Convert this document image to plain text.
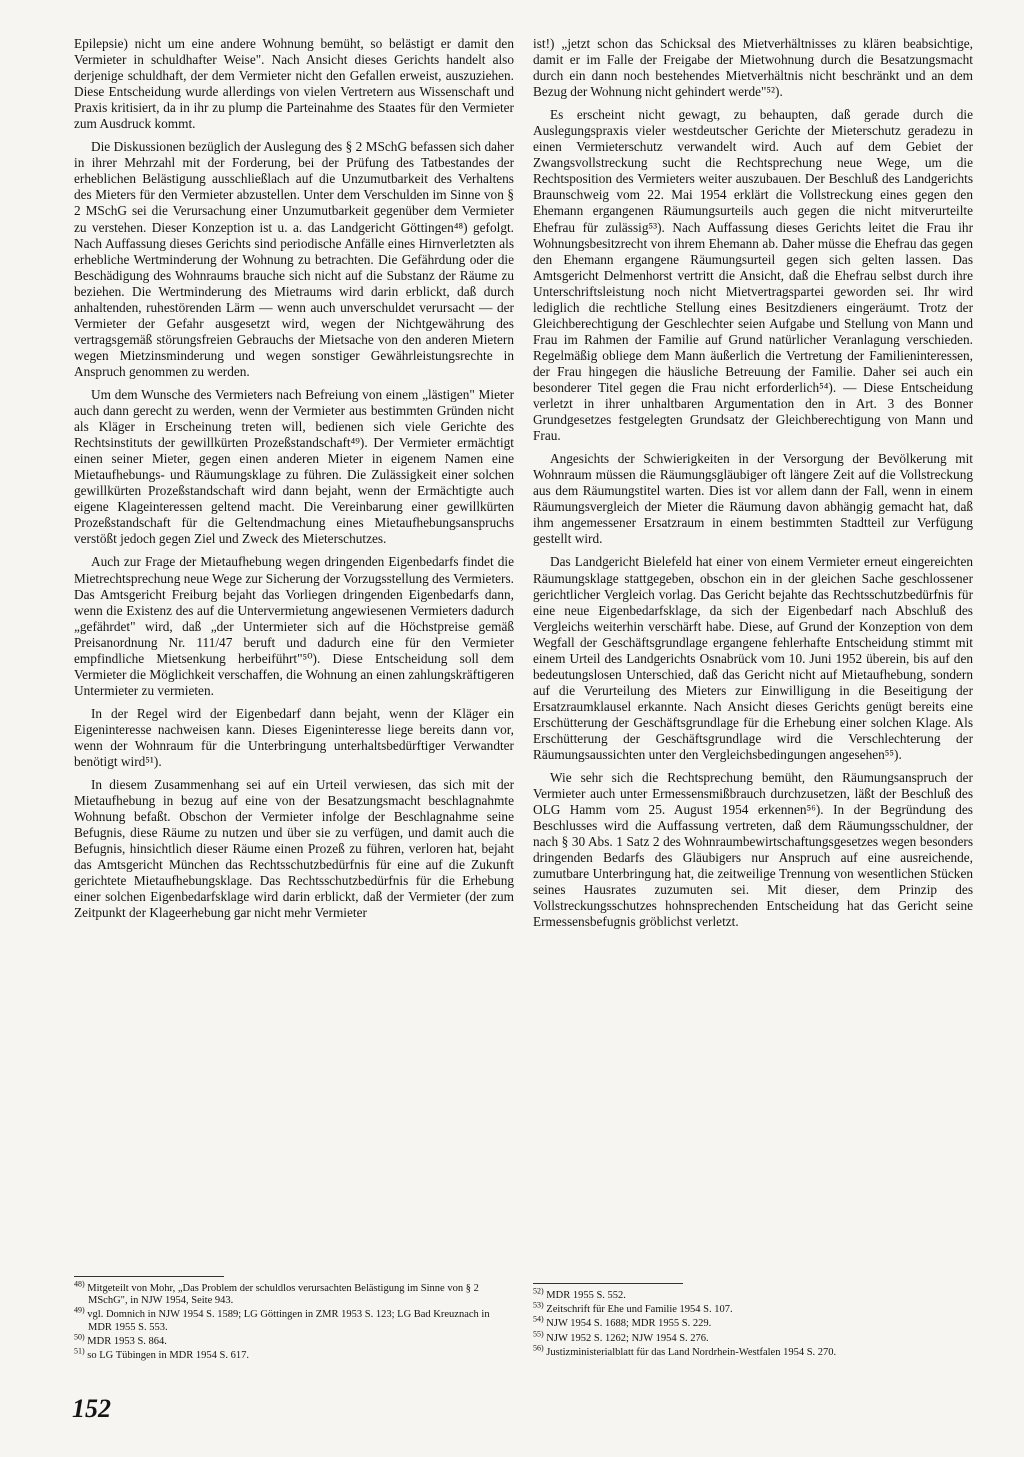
Epilepsie) nicht um eine andere Wohnung bemüht, so belästigt er damit den Vermieter in schuldhafter Weise". Nach Ansicht dieses Gerichts handelt also derjenige schuldhaft, der dem Vermieter nicht den Gefallen erweist, auszuziehen. Diese Entscheidung wurde allerdings von vielen Vertretern aus Wissenschaft und Praxis kritisiert, da in ihr zu plump die Parteinahme des Staates für den Vermieter zum Ausdruck kommt.

Die Diskussionen bezüglich der Auslegung des § 2 MSchG befassen sich daher in ihrer Mehrzahl mit der Forderung, bei der Prüfung des Tatbestandes der erheblichen Belästigung ausschließlach auf die Unzumutbarkeit des Verhaltens des Mieters für den Vermieter abzustellen. Unter dem Verschulden im Sinne von § 2 MSchG sei die Verursachung einer Unzumutbarkeit gegenüber dem Vermieter zu verstehen. Dieser Konzeption ist u. a. das Landgericht Göttingen⁴⁸) gefolgt. Nach Auffassung dieses Gerichts sind periodische Anfälle eines Hirnverletzten als erhebliche Wertminderung der Wohnung zu betrachten. Die Gefährdung oder die Beschädigung des Wohnraums brauche sich nicht auf die Substanz der Räume zu beziehen. Die Wertminderung des Mietraums wird darin erblickt, daß durch anhaltenden, ruhestörenden Lärm — wenn auch unverschuldet verursacht — der Vermieter der Gefahr ausgesetzt wird, wegen der Nichtgewährung des vertragsgemäß störungsfreien Gebrauchs der Mietsache von den anderen Mietern wegen Mietzinsminderung und wegen sonstiger Gewährleistungsrechte in Anspruch genommen zu werden.

Um dem Wunsche des Vermieters nach Befreiung von einem „lästigen" Mieter auch dann gerecht zu werden, wenn der Vermieter aus bestimmten Gründen nicht als Kläger in Erscheinung treten will, bedienen sich viele Gerichte des Rechtsinstituts der gewillkürten Prozeßstandschaft⁴⁹). Der Vermieter ermächtigt einen seiner Mieter, gegen einen anderen Mieter in eigenem Namen eine Mietaufhebungs- und Räumungsklage zu führen. Die Zulässigkeit einer solchen gewillkürten Prozeßstandschaft wird dann bejaht, wenn der Ermächtigte auch eigene Klageinteressen geltend macht. Die Vereinbarung einer gewillkürten Prozeßstandschaft für die Geltendmachung eines Mietaufhebungsanspruchs verstößt jedoch gegen Ziel und Zweck des Mieterschutzes.

Auch zur Frage der Mietaufhebung wegen dringenden Eigenbedarfs findet die Mietrechtsprechung neue Wege zur Sicherung der Vorzugsstellung des Vermieters. Das Amtsgericht Freiburg bejaht das Vorliegen dringenden Eigenbedarfs dann, wenn die Existenz des auf die Untervermietung angewiesenen Vermieters dadurch „gefährdet" wird, daß „der Untermieter sich auf die Höchstpreise gemäß Preisanordnung Nr. 111/47 beruft und dadurch eine für den Vermieter empfindliche Mietsenkung herbeiführt"⁵⁰). Diese Entscheidung soll dem Vermieter die Möglichkeit verschaffen, die Wohnung an einen zahlungskräftigeren Untermieter zu vermieten.

In der Regel wird der Eigenbedarf dann bejaht, wenn der Kläger ein Eigeninteresse nachweisen kann. Dieses Eigeninteresse liege bereits dann vor, wenn der Wohnraum für die Unterbringung unterhaltsbedürftiger Verwandter benötigt wird⁵¹).

In diesem Zusammenhang sei auf ein Urteil verwiesen, das sich mit der Mietaufhebung in bezug auf eine von der Besatzungsmacht beschlagnahmte Wohnung befaßt. Obschon der Vermieter infolge der Beschlagnahme seine Befugnis, diese Räume zu nutzen und über sie zu verfügen, und damit auch die Befugnis, hinsichtlich dieser Räume einen Prozeß zu führen, verloren hat, bejaht das Amtsgericht München das Rechtsschutzbedürfnis für eine auf die Zukunft gerichtete Mietaufhebungsklage. Das Rechtsschutzbedürfnis für die Erhebung einer solchen Eigenbedarfsklage wird darin erblickt, daß der Vermieter (der zum Zeitpunkt der Klageerhebung gar nicht mehr Vermieter

ist!) „jetzt schon das Schicksal des Mietverhältnisses zu klären beabsichtige, damit er im Falle der Freigabe der Mietwohnung durch die Besatzungsmacht durch ein dann noch bestehendes Mietverhältnis nicht beschränkt und an dem Bezug der Wohnung nicht gehindert werde"⁵²).

Es erscheint nicht gewagt, zu behaupten, daß gerade durch die Auslegungspraxis vieler westdeutscher Gerichte der Mieterschutz geradezu in einen Vermieterschutz verwandelt wird. Auch auf dem Gebiet der Zwangsvollstreckung sucht die Rechtsprechung neue Wege, um die Rechtsposition des Vermieters weiter auszubauen. Der Beschluß des Landgerichts Braunschweig vom 22. Mai 1954 erklärt die Vollstreckung eines gegen den Ehemann ergangenen Räumungsurteils auch gegen die nicht mitverurteilte Ehefrau für zulässig⁵³). Nach Auffassung dieses Gerichts leitet die Frau ihr Wohnungsbesitzrecht von ihrem Ehemann ab. Daher müsse die Ehefrau das gegen den Ehemann ergangene Räumungsurteil gegen sich gelten lassen. Das Amtsgericht Delmenhorst vertritt die Ansicht, daß die Ehefrau selbst durch ihre Unterschriftsleistung noch nicht Mietvertragspartei geworden sei. Ihr wird lediglich die rechtliche Stellung eines Besitzdieners eingeräumt. Trotz der Gleichberechtigung der Geschlechter seien Aufgabe und Stellung von Mann und Frau im Rahmen der Familie auf Grund natürlicher Veranlagung verschieden. Regelmäßig obliege dem Mann äußerlich die Vertretung der Familieninteressen, der Frau hingegen die häusliche Betreuung der Familie. Daher sei auch ein besonderer Titel gegen die Frau nicht erforderlich⁵⁴). — Diese Entscheidung verletzt in ihrer unhaltbaren Argumentation den in Art. 3 des Bonner Grundgesetzes festgelegten Grundsatz der Gleichberechtigung von Mann und Frau.

Angesichts der Schwierigkeiten in der Versorgung der Bevölkerung mit Wohnraum müssen die Räumungsgläubiger oft längere Zeit auf die Vollstreckung aus dem Räumungstitel warten. Dies ist vor allem dann der Fall, wenn in einem Räumungsvergleich der Mieter die Räumung davon abhängig gemacht hat, daß ihm angemessener Ersatzraum in einem bestimmten Stadtteil zur Verfügung gestellt wird.

Das Landgericht Bielefeld hat einer von einem Vermieter erneut eingereichten Räumungsklage stattgegeben, obschon ein in der gleichen Sache geschlossener gerichtlicher Vergleich vorlag. Das Gericht bejahte das Rechtsschutzbedürfnis für eine neue Eigenbedarfsklage, da sich der Eigenbedarf nach Abschluß des Vergleichs weiterhin verschärft habe. Diese, auf Grund der Konzeption von dem Wegfall der Geschäftsgrundlage ergangene fehlerhafte Entscheidung stimmt mit einem Urteil des Landgerichts Osnabrück vom 10. Juni 1952 überein, bis auf den bedeutungslosen Unterschied, daß das Gericht nicht auf Mietaufhebung, sondern auf die Verurteilung des Mieters zur Einwilligung in die Beseitigung der Ersatzraumklausel erkannte. Nach Ansicht dieses Gerichts genügt bereits eine Erschütterung der Geschäftsgrundlage für die Erhebung einer solchen Klage. Als Erschütterung der Geschäftsgrundlage wird die Verschlechterung der Räumungsaussichten unter den Vergleichsbedingungen angesehen⁵⁵).

Wie sehr sich die Rechtsprechung bemüht, den Räumungsanspruch der Vermieter auch unter Ermessensmißbrauch durchzusetzen, läßt der Beschluß des OLG Hamm vom 25. August 1954 erkennen⁵⁶). In der Begründung des Beschlusses wird die Auffassung vertreten, daß dem Räumungsschuldner, der nach § 30 Abs. 1 Satz 2 des Wohnraumbewirtschaftungsgesetzes wegen besonders dringenden Bedarfs des Gläubigers nur Anspruch auf eine ausreichende, zumutbare Unterbringung hat, die zeitweilige Trennung von wesentlichen Stücken seines Hausrates zuzumuten sei. Mit dieser, dem Prinzip des Vollstreckungsschutzes hohnsprechenden Entscheidung hat das Gericht seine Ermessensbefugnis gröblichst verletzt.

$^{48)}$ Mitgeteilt von Mohr, „Das Problem der schuldlos verursachten Belästigung im Sinne von § 2 MSchG", in NJW 1954, Seite 943.
$^{49)}$ vgl. Domnich in NJW 1954 S. 1589; LG Göttingen in ZMR 1953 S. 123; LG Bad Kreuznach in MDR 1955 S. 553.
$^{50)}$ MDR 1953 S. 864.
$^{51)}$ so LG Tübingen in MDR 1954 S. 617.
$^{52)}$ MDR 1955 S. 552.
$^{53)}$ Zeitschrift für Ehe und Familie 1954 S. 107.
$^{54)}$ NJW 1954 S. 1688; MDR 1955 S. 229.
$^{55)}$ NJW 1952 S. 1262; NJW 1954 S. 276.
$^{56)}$ Justizministerialblatt für das Land Nordrhein-Westfalen 1954 S. 270.
152
